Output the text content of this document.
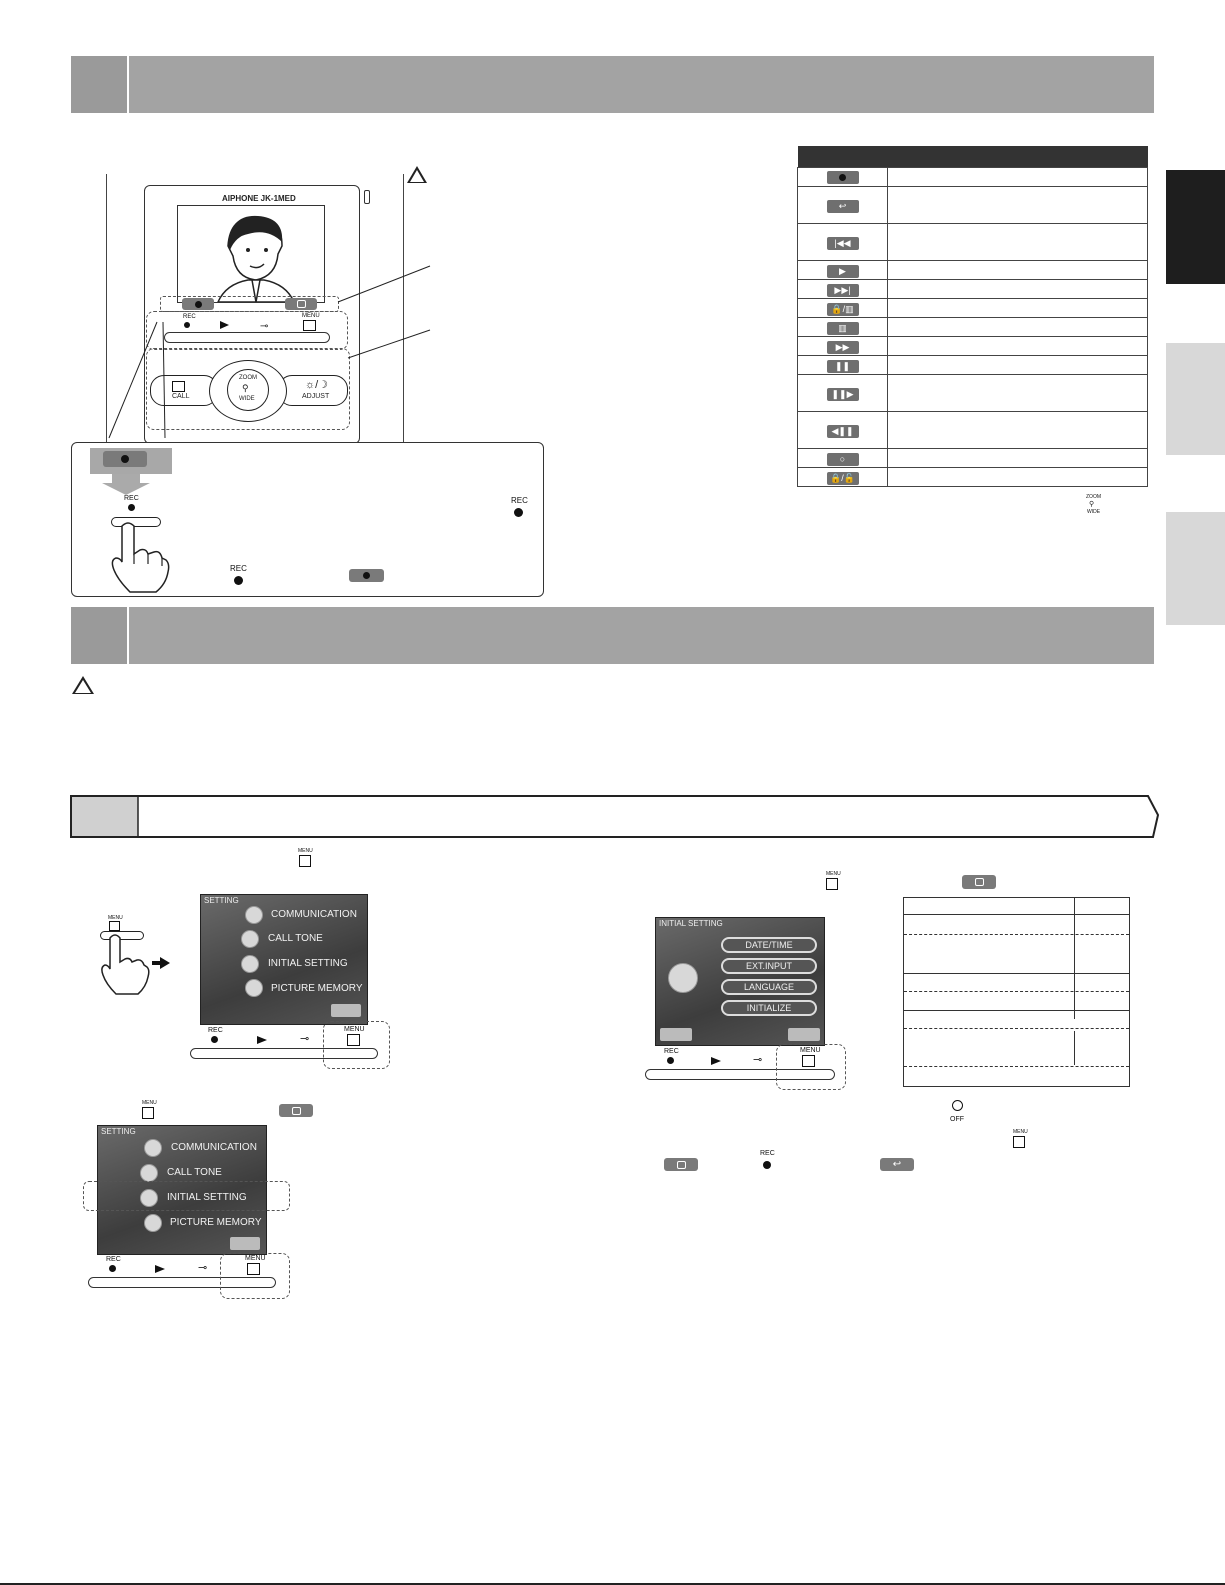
AIPHONE JK-1MED
REC
⊸
MENU
CALL	ADJUST
☼/☽
ZOOM
⚲
WIDE
REC	REC
REC

↩	
|◀◀	
▶	
▶▶|	
🔒/▥	
▥	
▶▶	
❚❚	
❚❚▶	
◀❚❚	
○	
🔒/🔓	
ZOOM
⚲
WIDE
MENU
MENU
SETTING
COMMUNICATION
CALL TONE
INITIAL SETTING
PICTURE MEMORY
REC
⊸
MENU
MENU
SETTING
COMMUNICATION
CALL TONE
INITIAL SETTING
PICTURE MEMORY
REC
⊸
MENU
MENU
INITIAL SETTING
DATE/TIME
EXT.INPUT
LANGUAGE
INITIALIZE
REC
⊸
MENU
OFF
MENU
REC
↩
